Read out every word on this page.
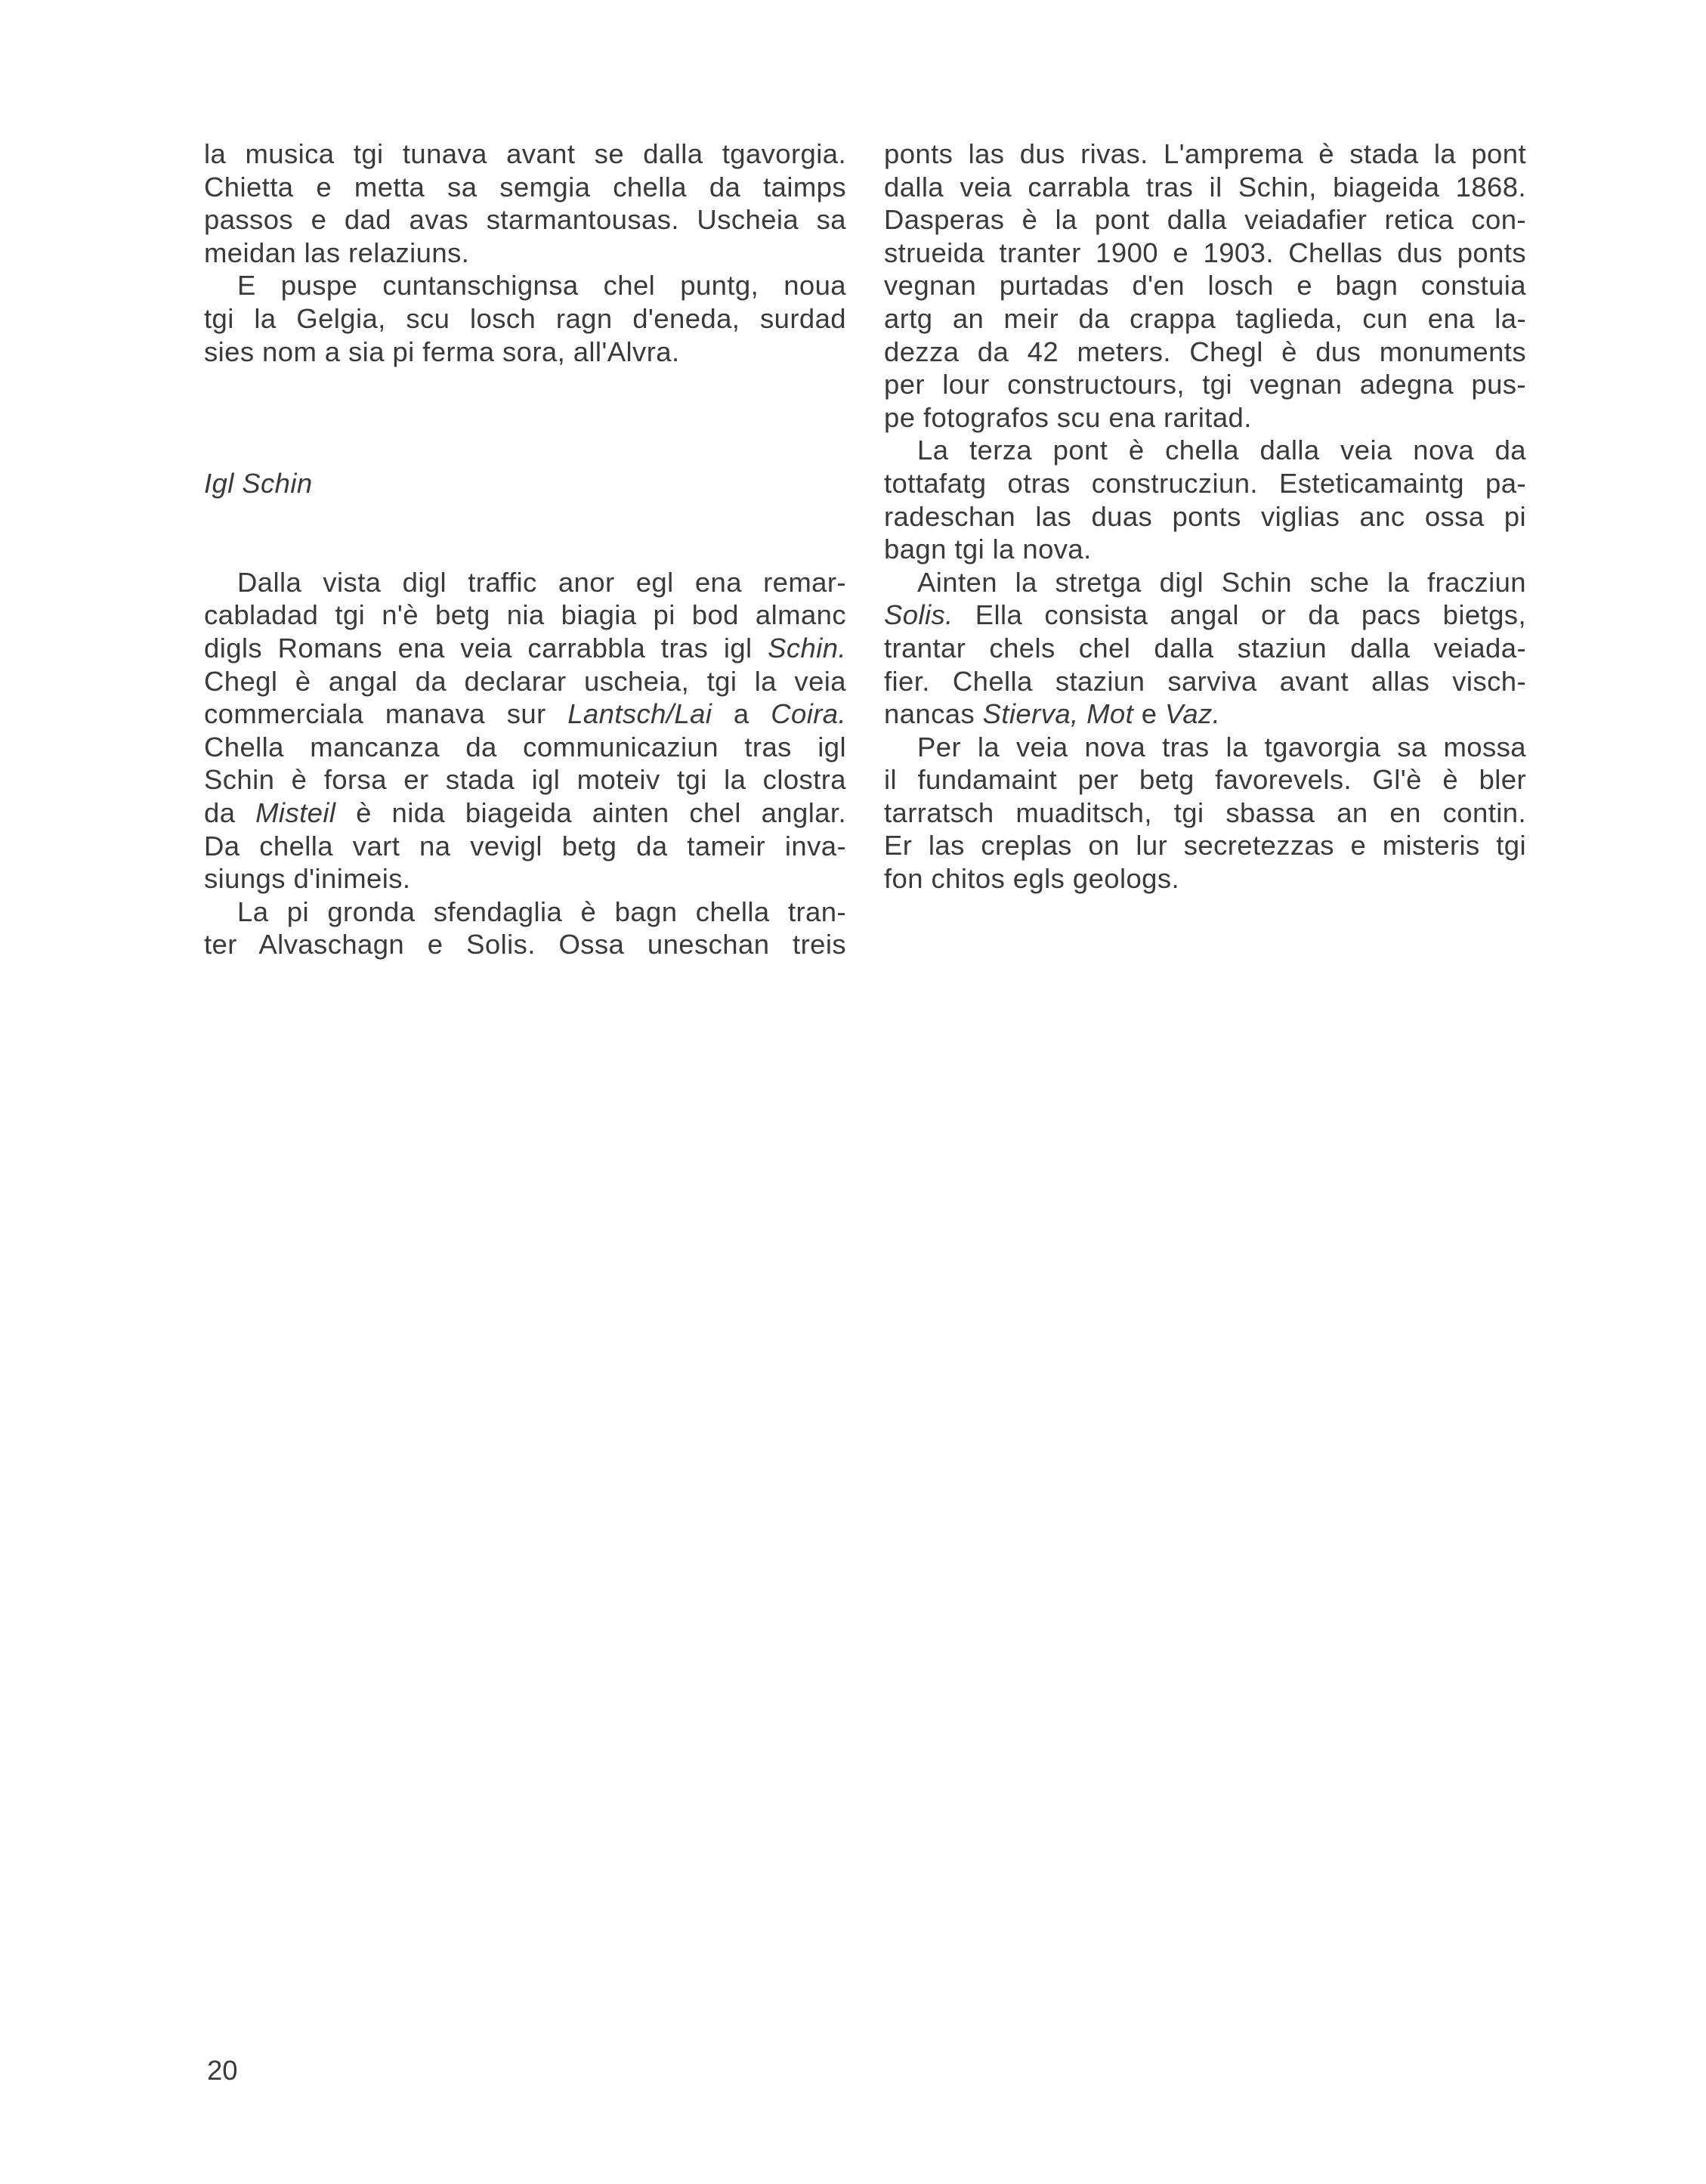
la musica tgi tunava avant se dalla tgavorgia.
Chietta e metta sa semgia chella da taimps
passos e dad avas starmantousas. Uscheia sa
meidan las relaziuns.
E puspe cuntanschignsa chel puntg, noua
tgi la Gelgia, scu losch ragn d'eneda, surdad
sies nom a sia pi ferma sora, all'Alvra.
Igl Schin
Dalla vista digl traffic anor egl ena remar-
cabladad tgi n'è betg nia biagia pi bod almanc
digls Romans ena veia carrabbla tras igl Schin.
Chegl è angal da declarar uscheia, tgi la veia
commerciala manava sur Lantsch/Lai a Coira.
Chella mancanza da communicaziun tras igl
Schin è forsa er stada igl moteiv tgi la clostra
da Misteil è nida biageida ainten chel anglar.
Da chella vart na vevigl betg da tameir inva-
siungs d'inimeis.
La pi gronda sfendaglia è bagn chella tran-
ter Alvaschagn e Solis. Ossa uneschan treis
ponts las dus rivas. L'amprema è stada la pont
dalla veia carrabla tras il Schin, biageida 1868.
Dasperas è la pont dalla veiadafier retica con-
strueida tranter 1900 e 1903. Chellas dus ponts
vegnan purtadas d'en losch e bagn constuia
artg an meir da crappa taglieda, cun ena la-
dezza da 42 meters. Chegl è dus monuments
per lour constructours, tgi vegnan adegna pus-
pe fotografos scu ena raritad.
La terza pont è chella dalla veia nova da
tottafatg otras construcziun. Esteticamaintg pa-
radeschan las duas ponts viglias anc ossa pi
bagn tgi la nova.
Ainten la stretga digl Schin sche la fracziun
Solis. Ella consista angal or da pacs bietgs,
trantar chels chel dalla staziun dalla veiada-
fier. Chella staziun sarviva avant allas visch-
nancas Stierva, Mot e Vaz.
Per la veia nova tras la tgavorgia sa mossa
il fundamaint per betg favorevels. Gl'è è bler
tarratsch muaditsch, tgi sbassa an en contin.
Er las creplas on lur secretezzas e misteris tgi
fon chitos egls geologs.
20
